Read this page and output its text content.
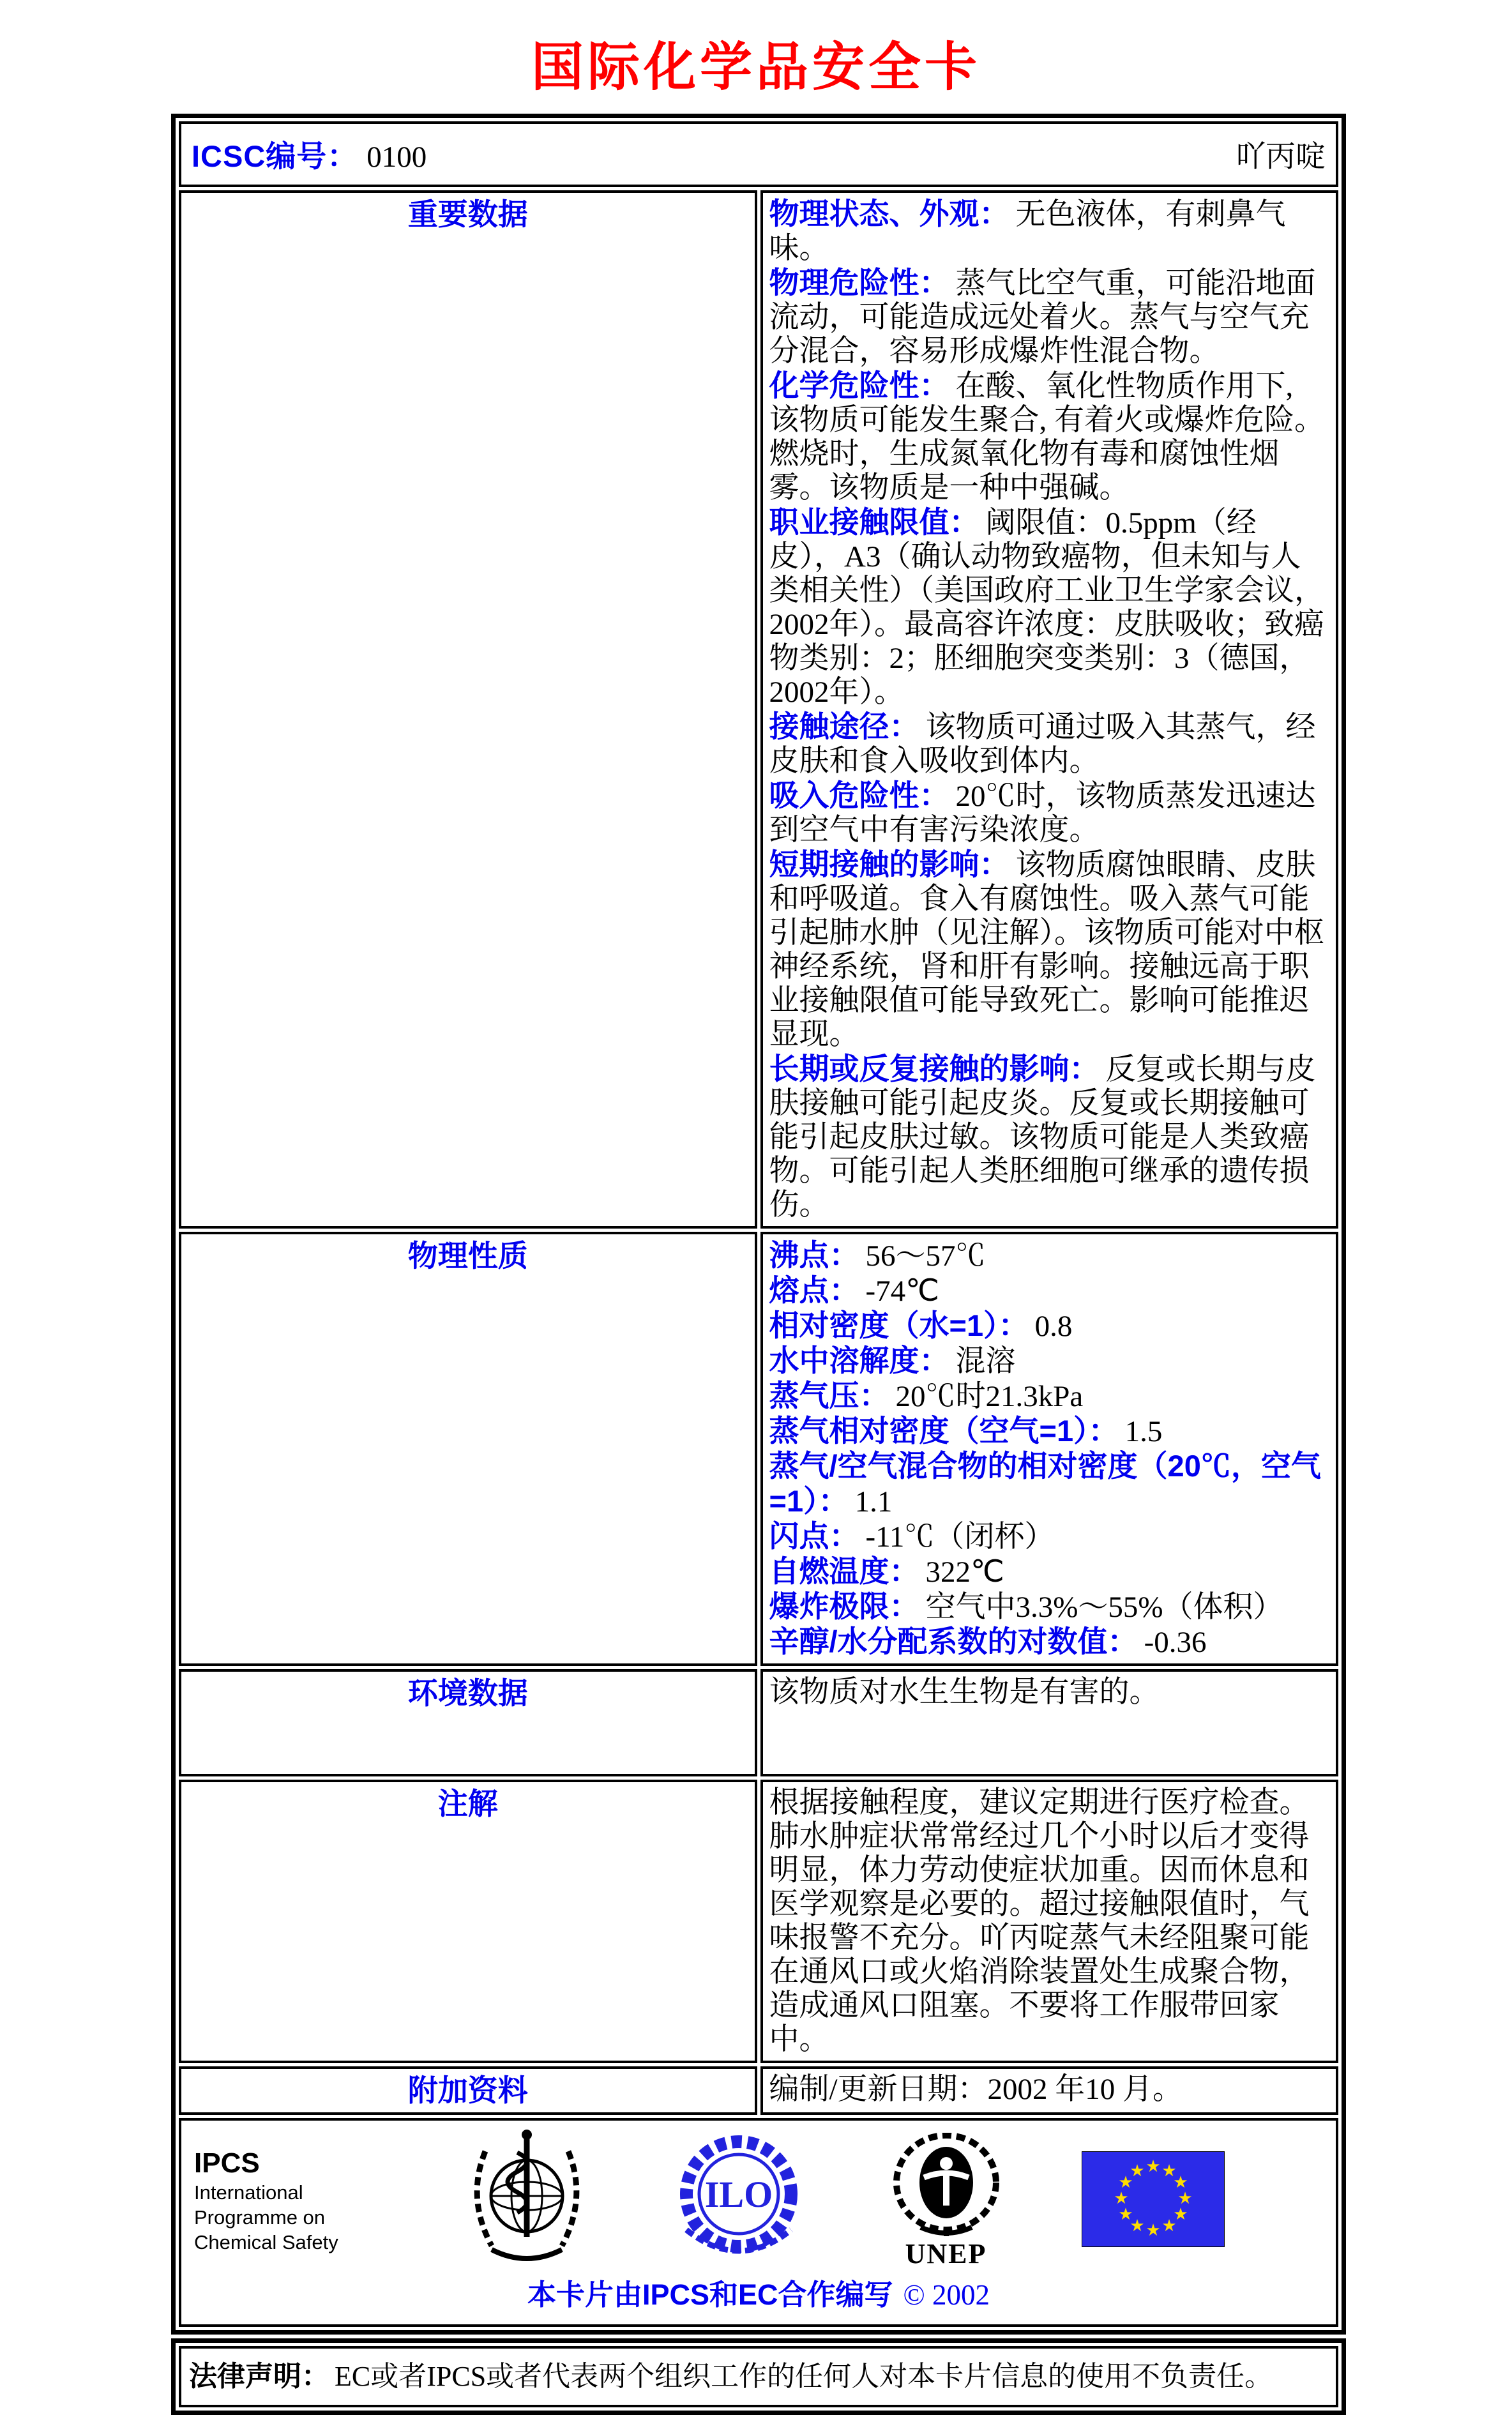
国际化学品安全卡
ICSC编号： 0100 吖丙啶	

重要数据	物理状态、外观： 无色液体，有刺鼻气味。
物理危险性： 蒸气比空气重，可能沿地面流动，可能造成远处着火。蒸气与空气充分混合，容易形成爆炸性混合物。
化学危险性： 在酸、氧化性物质作用下, 该物质可能发生聚合, 有着火或爆炸危险。燃烧时，生成氮氧化物有毒和腐蚀性烟雾。该物质是一种中强碱。
职业接触限值： 阈限值：0.5ppm（经皮），A3（确认动物致癌物，但未知与人类相关性）（美国政府工业卫生学家会议，2002年）。最高容许浓度：皮肤吸收；致癌物类别：2；胚细胞突变类别：3（德国，2002年）。
接触途径： 该物质可通过吸入其蒸气，经皮肤和食入吸收到体内。
吸入危险性： 20℃时，该物质蒸发迅速达到空气中有害污染浓度。
短期接触的影响： 该物质腐蚀眼睛、皮肤和呼吸道。食入有腐蚀性。吸入蒸气可能引起肺水肿（见注解）。该物质可能对中枢神经系统，肾和肝有影响。接触远高于职业接触限值可能导致死亡。影响可能推迟显现。
长期或反复接触的影响： 反复或长期与皮肤接触可能引起皮炎。反复或长期接触可能引起皮肤过敏。该物质可能是人类致癌物。可能引起人类胚细胞可继承的遗传损伤。

物理性质	沸点： 56～57℃
熔点： -74℃
相对密度（水=1）： 0.8
水中溶解度： 混溶
蒸气压： 20℃时21.3kPa
蒸气相对密度（空气=1）： 1.5
蒸气/空气混合物的相对密度（20℃，空气=1）： 1.1
闪点： -11℃（闭杯）
自燃温度： 322℃
爆炸极限： 空气中3.3%～55%（体积）
辛醇/水分配系数的对数值： -0.36

环境数据	该物质对水生生物是有害的。

注解	根据接触程度，建议定期进行医疗检查。肺水肿症状常常经过几个小时以后才变得明显，体力劳动使症状加重。因而休息和医学观察是必要的。超过接触限值时，气味报警不充分。吖丙啶蒸气未经阻聚可能在通风口或火焰消除装置处生成聚合物，造成通风口阻塞。不要将工作服带回家中。

附加资料	编制/更新日期：2002 年10 月。

IPCS
International
Programme on
Chemical Safety
ILO
UNEP
★ ★
★
★
★
★
★
★
★
★
★
★
本卡片由IPCS和EC合作编写 © 2002
法律声明： EC或者IPCS或者代表两个组织工作的任何人对本卡片信息的使用不负责任。
